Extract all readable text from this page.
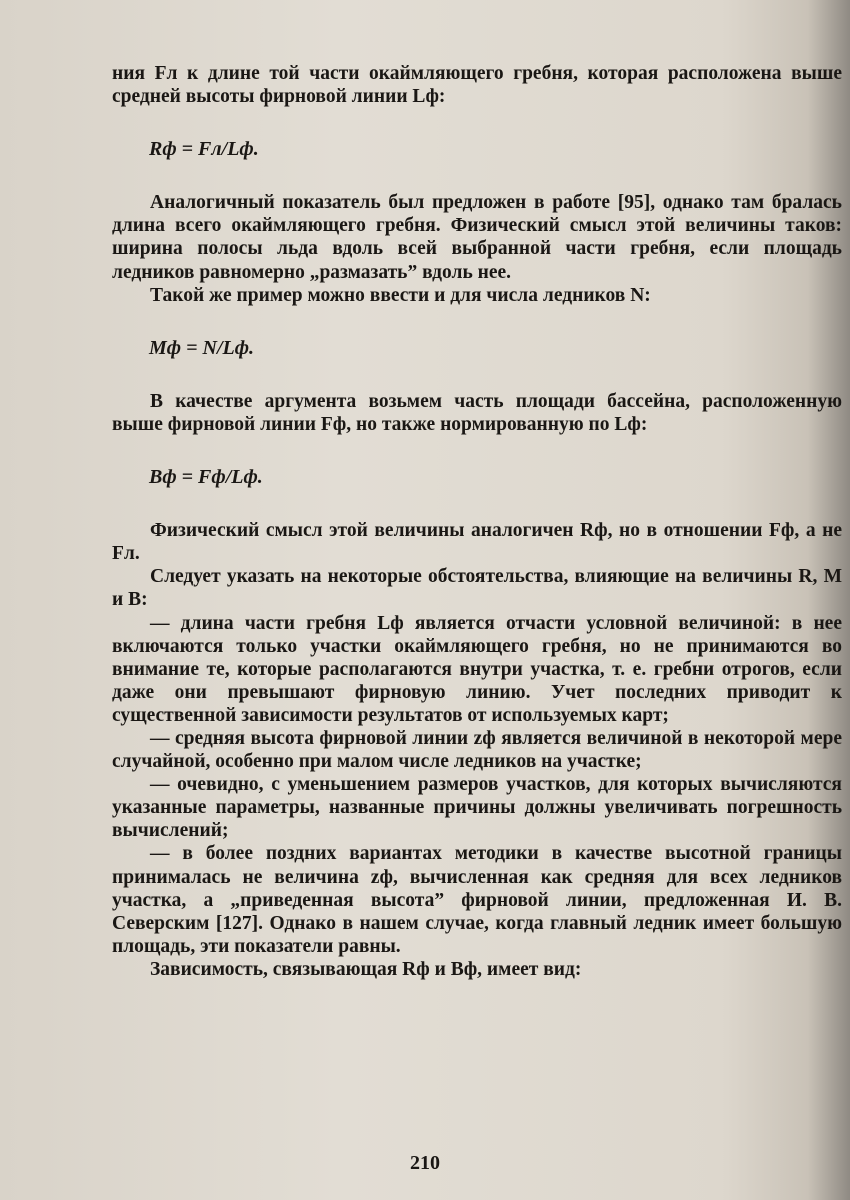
ния Fл к длине той части окаймляющего гребня, которая расположена выше средней высоты фирновой линии Lф:

Rф = Fл/Lф.

Аналогичный показатель был предложен в работе [95], однако там бралась длина всего окаймляющего гребня. Физический смысл этой величины таков: ширина полосы льда вдоль всей выбранной части гребня, если площадь ледников равномерно „размазать” вдоль нее.

Такой же пример можно ввести и для числа ледников N:

Mф = N/Lф.

В качестве аргумента возьмем часть площади бассейна, расположенную выше фирновой линии Fф, но также нормированную по Lф:

Bф = Fф/Lф.

Физический смысл этой величины аналогичен Rф, но в отношении Fф, а не Fл.

Следует указать на некоторые обстоятельства, влияющие на величины R, M и B:

— длина части гребня Lф является отчасти условной величиной: в нее включаются только участки окаймляющего гребня, но не принимаются во внимание те, которые располагаются внутри участка, т. е. гребни отрогов, если даже они превышают фирновую линию. Учет последних приводит к существенной зависимости результатов от используемых карт;

— средняя высота фирновой линии zф является величиной в некоторой мере случайной, особенно при малом числе ледников на участке;

— очевидно, с уменьшением размеров участков, для которых вычисляются указанные параметры, названные причины должны увеличивать погрешность вычислений;

— в более поздних вариантах методики в качестве высотной границы принималась не величина zф, вычисленная как средняя для всех ледников участка, а „приведенная высота” фирновой линии, предложенная И. В. Северским [127]. Однако в нашем случае, когда главный ледник имеет большую площадь, эти показатели равны.

Зависимость, связывающая Rф и Bф, имеет вид:

210
